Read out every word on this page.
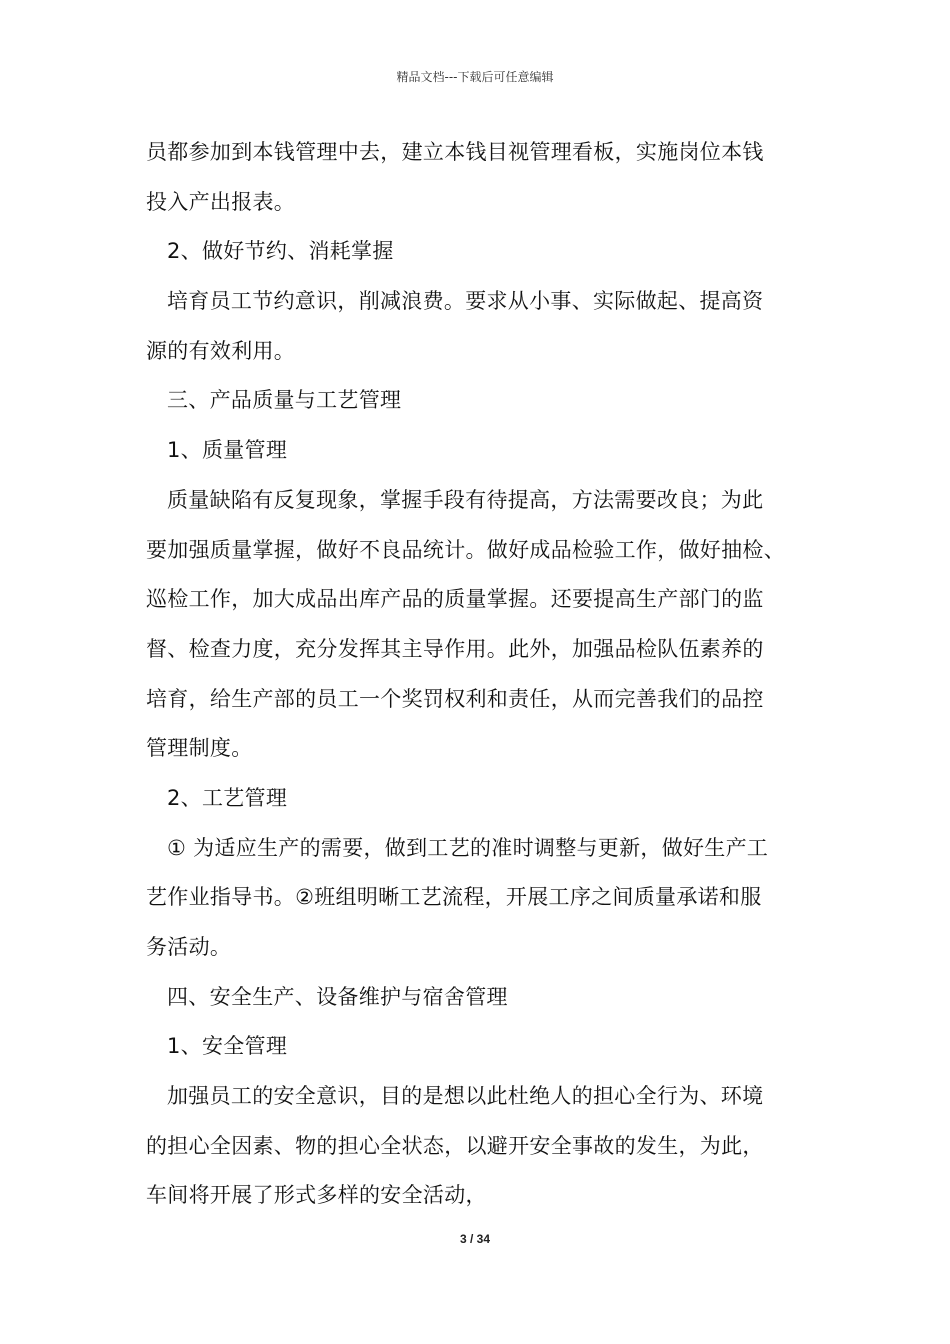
精品文档---下载后可任意编辑
员都参加到本钱管理中去，建立本钱目视管理看板，实施岗位本钱
投入产出报表。
2、做好节约、消耗掌握
培育员工节约意识，削减浪费。要求从小事、实际做起、提高资
源的有效利用。
三、产品质量与工艺管理
1、质量管理
质量缺陷有反复现象，掌握手段有待提高，方法需要改良；为此
要加强质量掌握，做好不良品统计。做好成品检验工作，做好抽检、
巡检工作，加大成品出库产品的质量掌握。还要提高生产部门的监
督、检查力度，充分发挥其主导作用。此外，加强品检队伍素养的
培育，给生产部的员工一个奖罚权利和责任，从而完善我们的品控
管理制度。
2、工艺管理
① 为适应生产的需要，做到工艺的准时调整与更新，做好生产工
艺作业指导书。②班组明晰工艺流程，开展工序之间质量承诺和服
务活动。
四、安全生产、设备维护与宿舍管理
1、安全管理
加强员工的安全意识，目的是想以此杜绝人的担心全行为、环境
的担心全因素、物的担心全状态，以避开安全事故的发生，为此，
车间将开展了形式多样的安全活动，
3 / 34
